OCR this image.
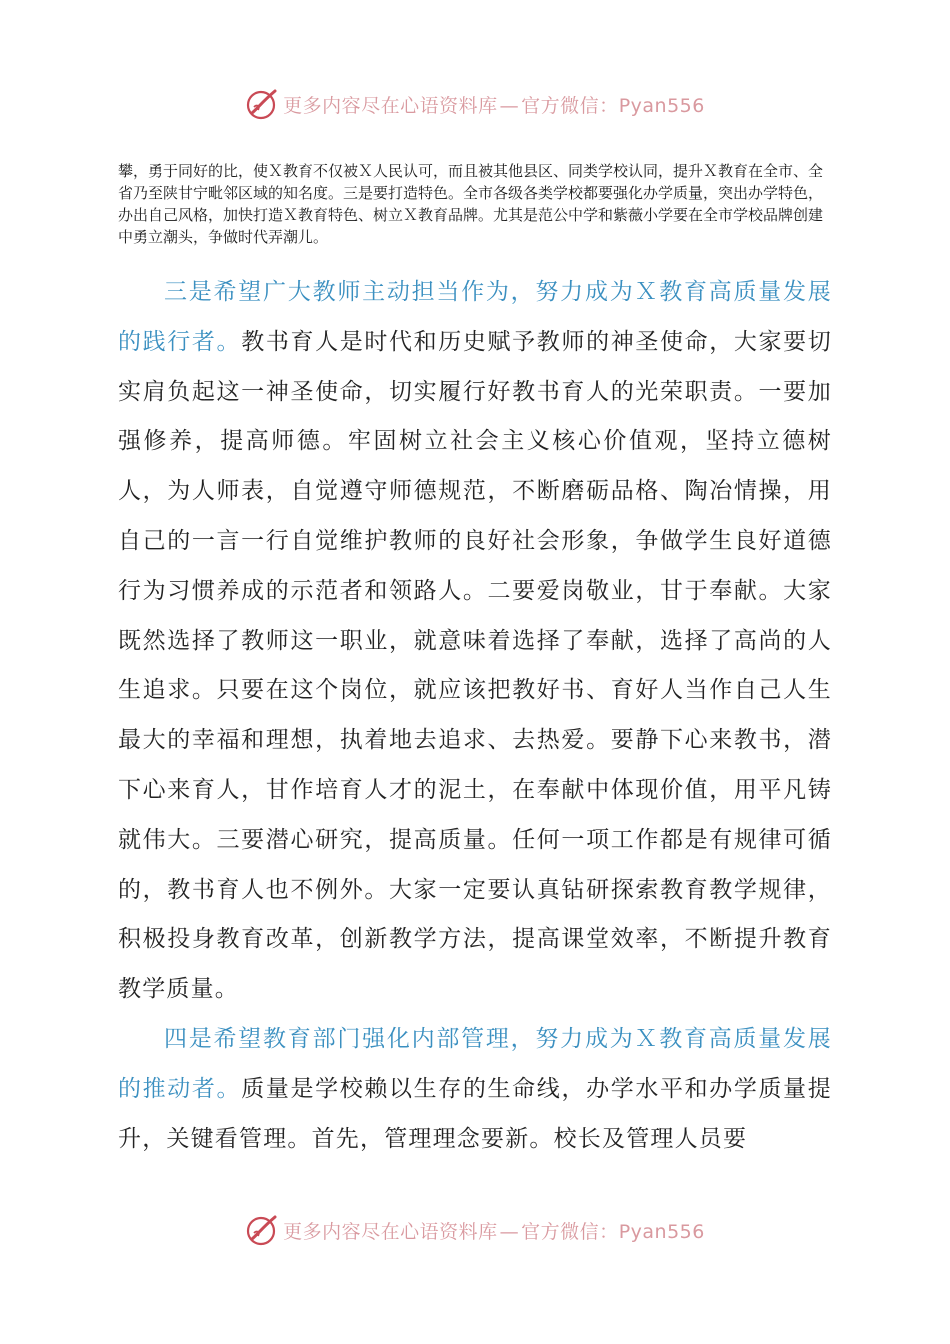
更多内容尽在心语资料库 — 官方微信：Pyan556

攀，勇于同好的比，使Ｘ教育不仅被Ｘ人民认可，而且被其他县区、同类学校认同，提升Ｘ教育在全市、全省乃至陕甘宁毗邻区域的知名度。三是要打造特色。全市各级各类学校都要强化办学质量，突出办学特色，办出自己风格，加快打造Ｘ教育特色、树立Ｘ教育品牌。尤其是范公中学和紫薇小学要在全市学校品牌创建中勇立潮头，争做时代弄潮儿。

三是希望广大教师主动担当作为，努力成为Ｘ教育高质量发展的践行者。教书育人是时代和历史赋予教师的神圣使命，大家要切实肩负起这一神圣使命，切实履行好教书育人的光荣职责。一要加强修养，提高师德。牢固树立社会主义核心价值观，坚持立德树人，为人师表，自觉遵守师德规范，不断磨砺品格、陶冶情操，用自己的一言一行自觉维护教师的良好社会形象，争做学生良好道德行为习惯养成的示范者和领路人。二要爱岗敬业，甘于奉献。大家既然选择了教师这一职业，就意味着选择了奉献，选择了高尚的人生追求。只要在这个岗位，就应该把教好书、育好人当作自己人生最大的幸福和理想，执着地去追求、去热爱。要静下心来教书，潜下心来育人，甘作培育人才的泥土，在奉献中体现价值，用平凡铸就伟大。三要潜心研究，提高质量。任何一项工作都是有规律可循的，教书育人也不例外。大家一定要认真钻研探索教育教学规律，积极投身教育改革，创新教学方法，提高课堂效率，不断提升教育教学质量。

四是希望教育部门强化内部管理，努力成为Ｘ教育高质量发展的推动者。质量是学校赖以生存的生命线，办学水平和办学质量提升，关键看管理。首先，管理理念要新。校长及管理人员要

更多内容尽在心语资料库 — 官方微信：Pyan556
